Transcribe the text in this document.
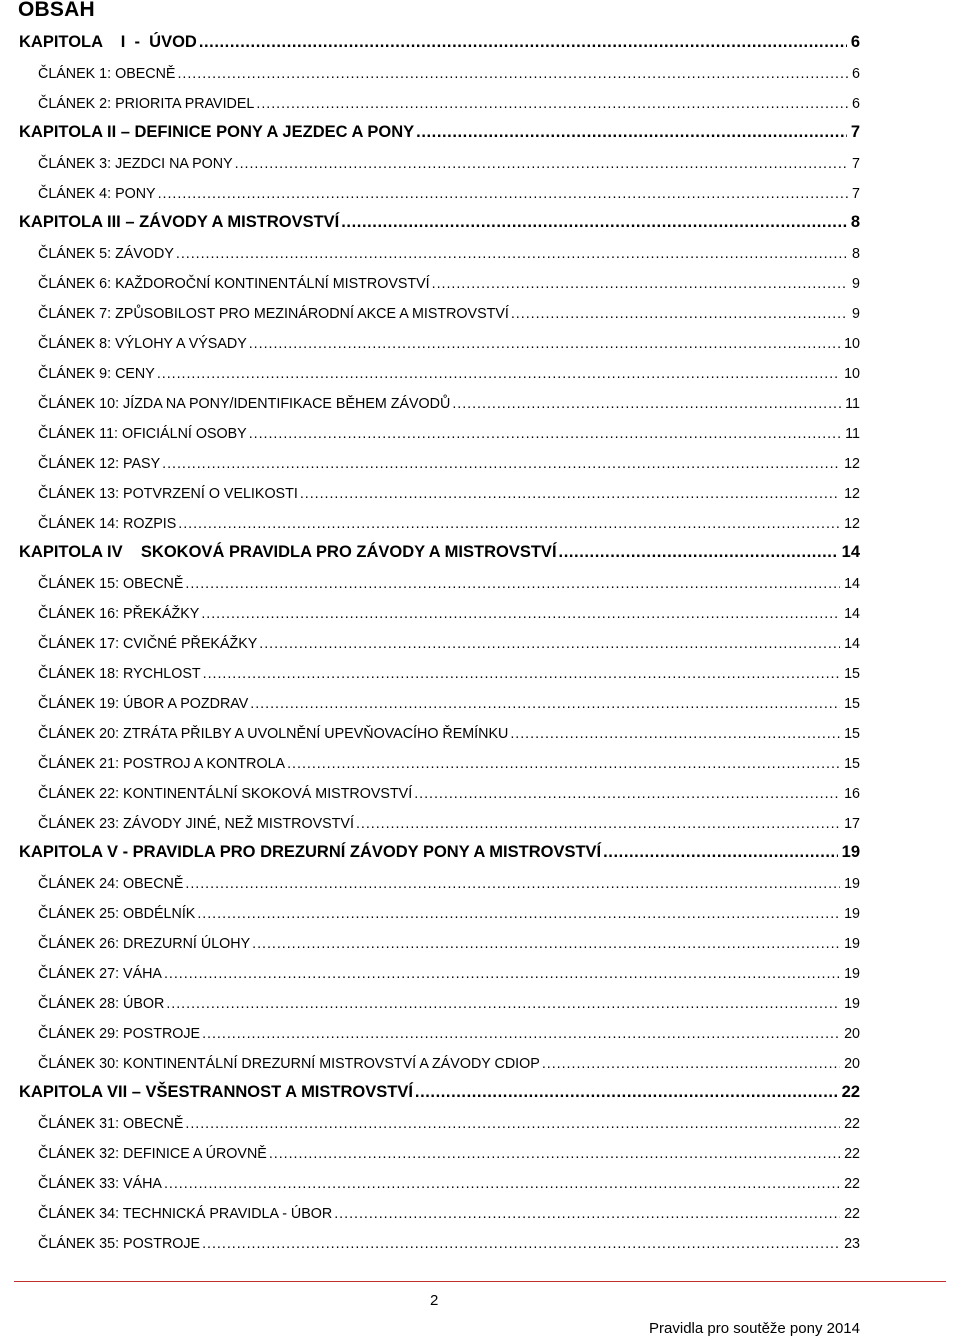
OBSAH
KAPITOLA    I  -  ÚVOD . . .	6
ČLÁNEK 1: OBECNĚ . . .	6
ČLÁNEK 2: PRIORITA PRAVIDEL . . .	6
KAPITOLA II – DEFINICE PONY A JEZDEC A PONY . . .	7
ČLÁNEK 3: JEZDCI NA PONY . . .	7
ČLÁNEK 4: PONY . . .	7
KAPITOLA III – ZÁVODY A MISTROVSTVÍ . . .	8
ČLÁNEK 5: ZÁVODY . . .	8
ČLÁNEK 6: KAŽDOROČNÍ KONTINENTÁLNÍ MISTROVSTVÍ . . .	9
ČLÁNEK 7: ZPŮSOBILOST PRO MEZINÁRODNÍ AKCE A MISTROVSTVÍ . . .	9
ČLÁNEK 8: VÝLOHY A VÝSADY . . .	10
ČLÁNEK 9: CENY . . .	10
ČLÁNEK 10: JÍZDA NA PONY/IDENTIFIKACE BĚHEM ZÁVODŮ . . .	11
ČLÁNEK 11: OFICIÁLNÍ OSOBY . . .	11
ČLÁNEK 12: PASY . . .	12
ČLÁNEK 13: POTVRZENÍ O VELIKOSTI . . .	12
ČLÁNEK 14: ROZPIS . . .	12
KAPITOLA IV    SKOKOVÁ PRAVIDLA PRO ZÁVODY A MISTROVSTVÍ . . .	14
ČLÁNEK 15: OBECNĚ . . .	14
ČLÁNEK 16: PŘEKÁŽKY . . .	14
ČLÁNEK 17: CVIČNÉ PŘEKÁŽKY . . .	14
ČLÁNEK 18: RYCHLOST . . .	15
ČLÁNEK 19: ÚBOR A POZDRAV . . .	15
ČLÁNEK 20: ZTRÁTA PŘILBY A UVOLNĚNÍ UPEVŇOVACÍHO ŘEMÍNKU . . .	15
ČLÁNEK 21: POSTROJ A KONTROLA . . .	15
ČLÁNEK 22: KONTINENTÁLNÍ SKOKOVÁ MISTROVSTVÍ . . .	16
ČLÁNEK 23: ZÁVODY JINÉ, NEŽ MISTROVSTVÍ . . .	17
KAPITOLA V - PRAVIDLA PRO DREZURNÍ ZÁVODY PONY A MISTROVSTVÍ . . .	19
ČLÁNEK 24: OBECNĚ . . .	19
ČLÁNEK 25: OBDÉLNÍK . . .	19
ČLÁNEK 26: DREZURNÍ ÚLOHY . . .	19
ČLÁNEK 27: VÁHA . . .	19
ČLÁNEK 28: ÚBOR . . .	19
ČLÁNEK 29: POSTROJE . . .	20
ČLÁNEK 30: KONTINENTÁLNÍ DREZURNÍ MISTROVSTVÍ A ZÁVODY CDIOP . . .	20
KAPITOLA VII – VŠESTRANNOST A MISTROVSTVÍ . . .	22
ČLÁNEK 31: OBECNĚ . . .	22
ČLÁNEK 32: DEFINICE A ÚROVNĚ . . .	22
ČLÁNEK 33: VÁHA . . .	22
ČLÁNEK 34: TECHNICKÁ PRAVIDLA - ÚBOR . . .	22
ČLÁNEK 35: POSTROJE . . .	23
2
Pravidla pro soutěže pony 2014
